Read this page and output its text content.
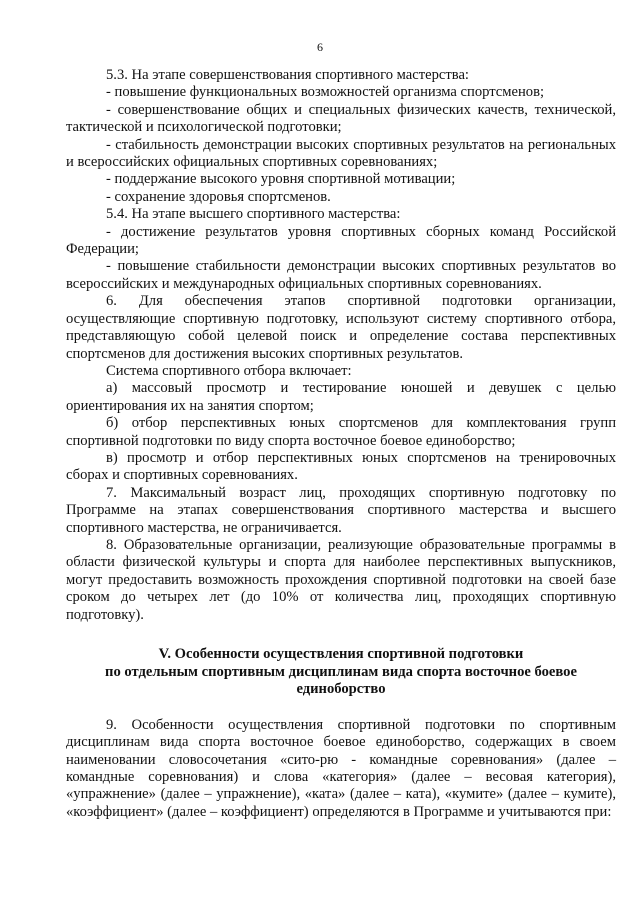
6

5.3. На этапе совершенствования спортивного мастерства:

- повышение функциональных возможностей организма спортсменов;

- совершенствование общих и специальных физических качеств, технической, тактической и психологической подготовки;

- стабильность демонстрации высоких спортивных результатов на региональных и всероссийских официальных спортивных соревнованиях;

- поддержание высокого уровня спортивной мотивации;

- сохранение здоровья спортсменов.

5.4. На этапе высшего спортивного мастерства:

- достижение результатов уровня спортивных сборных команд Российской Федерации;

- повышение стабильности демонстрации высоких спортивных результатов во всероссийских и международных официальных спортивных соревнованиях.

6. Для обеспечения этапов спортивной подготовки организации, осуществляющие спортивную подготовку, используют систему спортивного отбора, представляющую собой целевой поиск и определение состава перспективных спортсменов для достижения высоких спортивных результатов.

Система спортивного отбора включает:

а) массовый просмотр и тестирование юношей и девушек с целью ориентирования их на занятия спортом;

б) отбор перспективных юных спортсменов для комплектования групп спортивной подготовки по виду спорта восточное боевое единоборство;

в) просмотр и отбор перспективных юных спортсменов на тренировочных сборах и спортивных соревнованиях.

7. Максимальный возраст лиц, проходящих спортивную подготовку по Программе на этапах совершенствования спортивного мастерства и высшего спортивного мастерства, не ограничивается.

8. Образовательные организации, реализующие образовательные программы в области физической культуры и спорта для наиболее перспективных выпускников, могут предоставить возможность прохождения спортивной подготовки на своей базе сроком до четырех лет (до 10% от количества лиц, проходящих спортивную подготовку).

V. Особенности осуществления спортивной подготовки
по отдельным спортивным дисциплинам вида спорта восточное боевое
единоборство

9. Особенности осуществления спортивной подготовки по спортивным дисциплинам вида спорта восточное боевое единоборство, содержащих в своем наименовании словосочетания «сито-рю - командные соревнования» (далее – командные соревнования) и слова «категория» (далее – весовая категория), «упражнение» (далее – упражнение), «ката» (далее – ката), «кумите» (далее – кумите), «коэффициент» (далее – коэффициент) определяются в Программе и учитываются при:
